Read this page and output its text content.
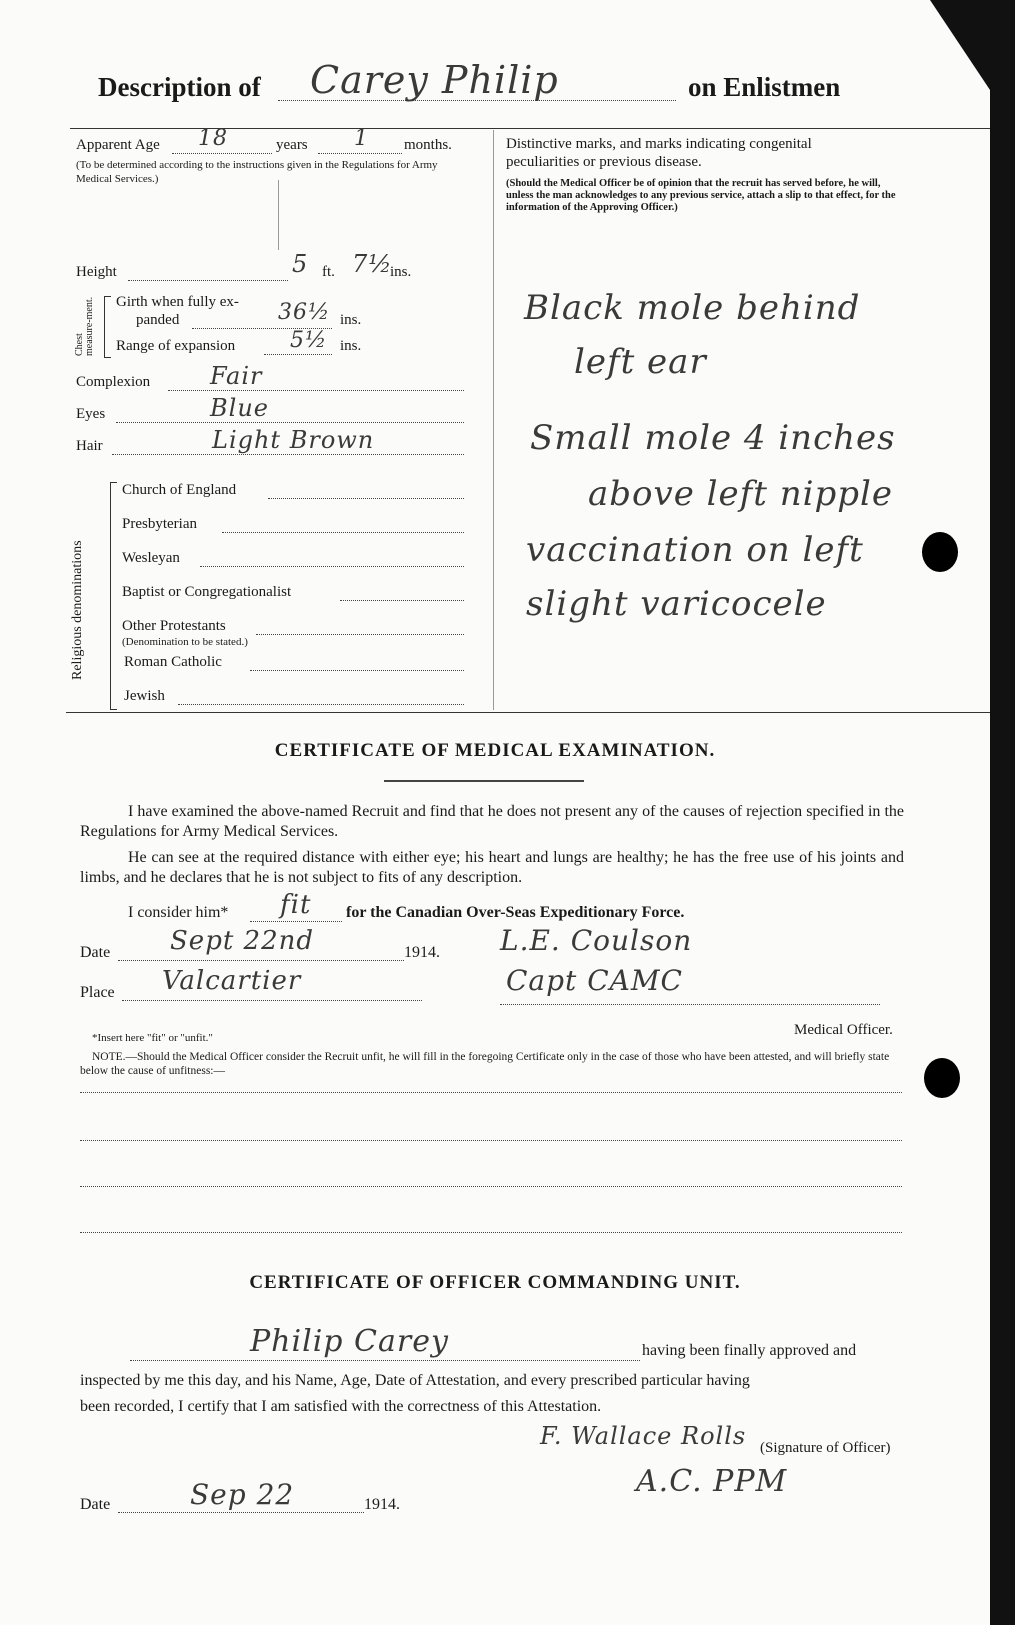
Description of Carey Philip	on Enlistmen
Apparent Age 18	years 1 months.
(To be determined according to the instructions given in the Regulations for Army Medical Services.)
Height	5 ft. 7½
ins.
Chest measure-ment. Girth when fully ex-
panded	36½ ins.
Range of expansion 5½ ins.
Complexion Fair
Eyes	Blue
Hair	Light Brown
Religious denominations
Church of England
Presbyterian
Wesleyan
Baptist or Congregationalist
Other Protestants
(Denomination to be stated.)
Roman Catholic
Jewish
Distinctive marks, and marks indicating congenital
peculiarities or previous disease.
(Should the Medical Officer be of opinion that the recruit has served before, he will, unless the man acknowledges to any previous service, attach a slip to that effect, for the information of the Approving Officer.)
Black mole behind
left ear
Small mole 4 inches
above left nipple
vaccination on left
slight varicocele
CERTIFICATE OF MEDICAL EXAMINATION.
I have examined the above-named Recruit and find that he does not present any of the causes of rejection specified in the Regulations for Army Medical Services.
He can see at the required distance with either eye; his heart and lungs are healthy; he has the free use of his joints and limbs, and he declares that he is not subject to fits of any description.
I consider him* fit for the Canadian Over-Seas Expeditionary Force.
Date Sept 22nd	1914. L.E. Coulson
Place Valcartier	Capt CAMC
Medical Officer.
*Insert here "fit" or "unfit."
NOTE.—Should the Medical Officer consider the Recruit unfit, he will fill in the foregoing Certificate only in the case of those who have been attested, and will briefly state below the cause of unfitness:—
CERTIFICATE OF OFFICER COMMANDING UNIT.
Philip Carey	having been finally approved and
inspected by me this day, and his Name, Age, Date of Attestation, and every prescribed particular having
been recorded, I certify that I am satisfied with the correctness of this Attestation.
F. Wallace Rolls (Signature of Officer)
A.C. PPM
Date	Sep 22	1914.
